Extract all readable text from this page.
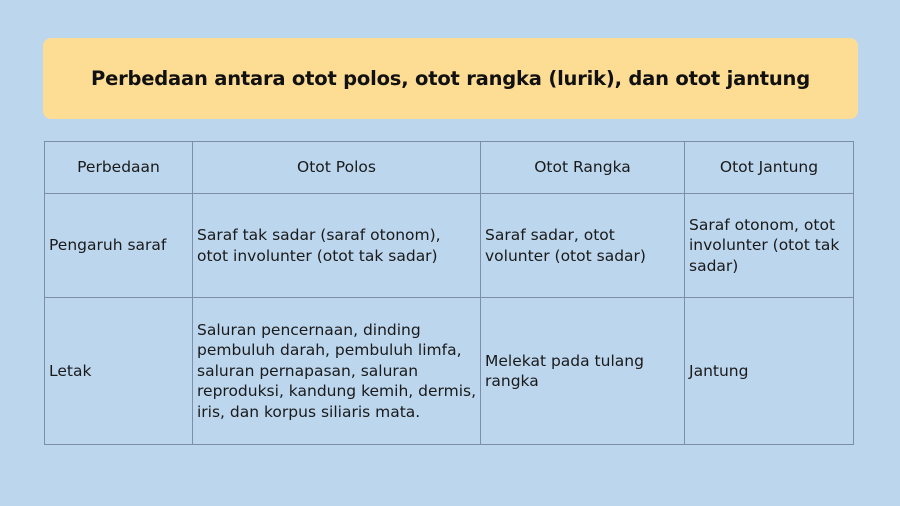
Perbedaan antara otot polos, otot rangka (lurik), dan otot jantung
Perbedaan	Otot Polos	Otot Rangka	Otot Jantung
Pengaruh saraf	Saraf tak sadar (saraf otonom), otot involunter (otot tak sadar)	Saraf sadar, otot volunter (otot sadar)	Saraf otonom, otot involunter (otot tak sadar)
Letak	Saluran pencernaan, dinding pembuluh darah, pembuluh limfa, saluran pernapasan, saluran reproduksi, kandung kemih, dermis, iris, dan korpus siliaris mata.	Melekat pada tulang rangka	Jantung
